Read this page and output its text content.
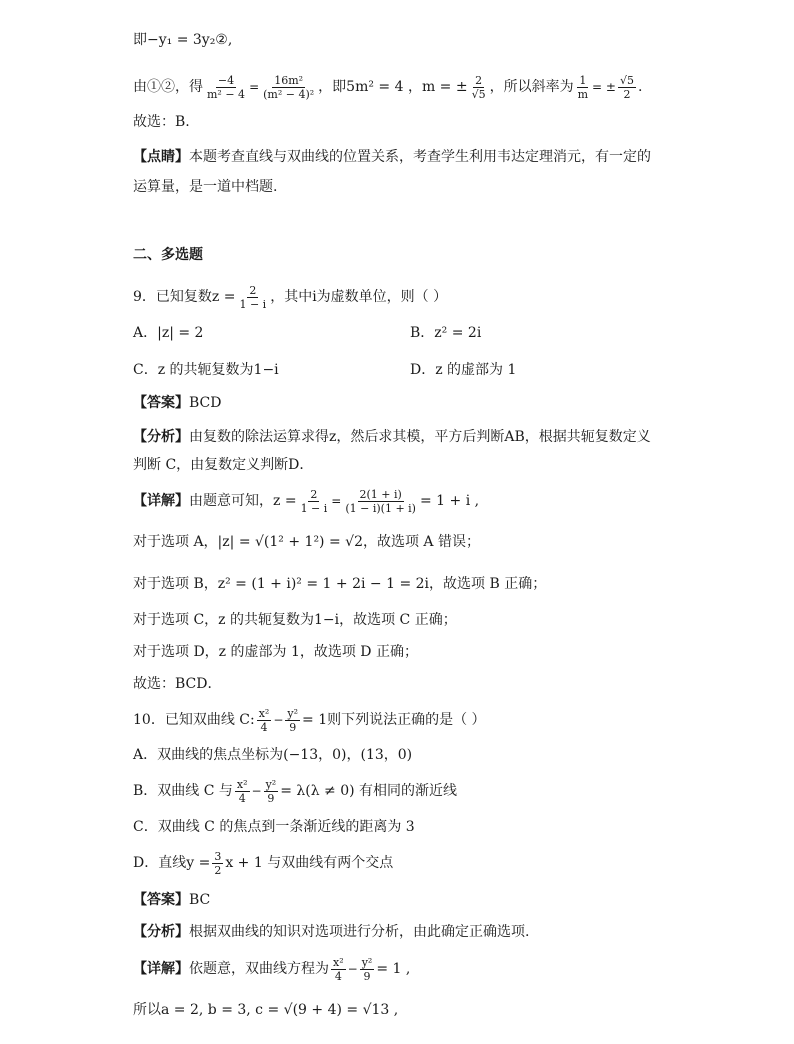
即−y₁ = 3y₂②,
由①②，得 $\frac{-4}{\text{m² − 4}} = \frac{\text{16m²}}{\text{(m² − 4)²}}$ ，即5m² = 4 ，m = ± $\frac{2}{√5}$ ，所以斜率为 $\frac{1}{m}$ = ± $\frac{√5}{2}$ .
故选：B.
【点睛】本题考查直线与双曲线的位置关系，考查学生利用韦达定理消元，有一定的运算量，是一道中档题.
二、多选题
9．已知复数$z = \frac{2}{1 - i}$ ，其中i为虚数单位，则（ ）
A．|z| = 2	B．z² = 2i
C．z 的共轭复数为1−i	D．z 的虚部为 1
【答案】BCD
【分析】由复数的除法运算求得z，然后求其模，平方后判断AB，根据共轭复数定义判断 C，由复数定义判断D．
【详解】 由题意可知，$z = \frac{2}{1 - i} = \frac{2(1 + i)}{(1 - i)(1 + i)} = 1 + i$ ,
对于选项 A，|z| = √(1² + 1²) = √2，故选项 A 错误；
对于选项 B，z² = (1 + i)² = 1 + 2i − 1 = 2i，故选项 B 正确；
对于选项 C，z 的共轭复数为1−i，故选项 C 正确；
对于选项 D，z 的虚部为 1，故选项 D 正确；
故选：BCD．
10．已知双曲线 C: $\frac{\text{x²}}{4} - \frac{\text{y²}}{9} = 1$则下列说法正确的是（ ）
A．双曲线的焦点坐标为(−13，0)，(13，0)
B．双曲线 C 与 $\frac{\text{x²}}{4} - \frac{\text{y²}}{9} = \lambda(\lambda \ne 0)$ 有相同的渐近线
C．双曲线 C 的焦点到一条渐近线的距离为 3
D．直线$y = \frac{3}{2}$ x + 1 与双曲线有两个交点
【答案】BC
【分析】根据双曲线的知识对选项进行分析，由此确定正确选项.
【详解】 依题意，双曲线方程为 $\frac{\text{x²}}{4} - \frac{\text{y²}}{9} = 1$ ,
所以a = 2, b = 3, c = √(9 + 4) = √13 ,
